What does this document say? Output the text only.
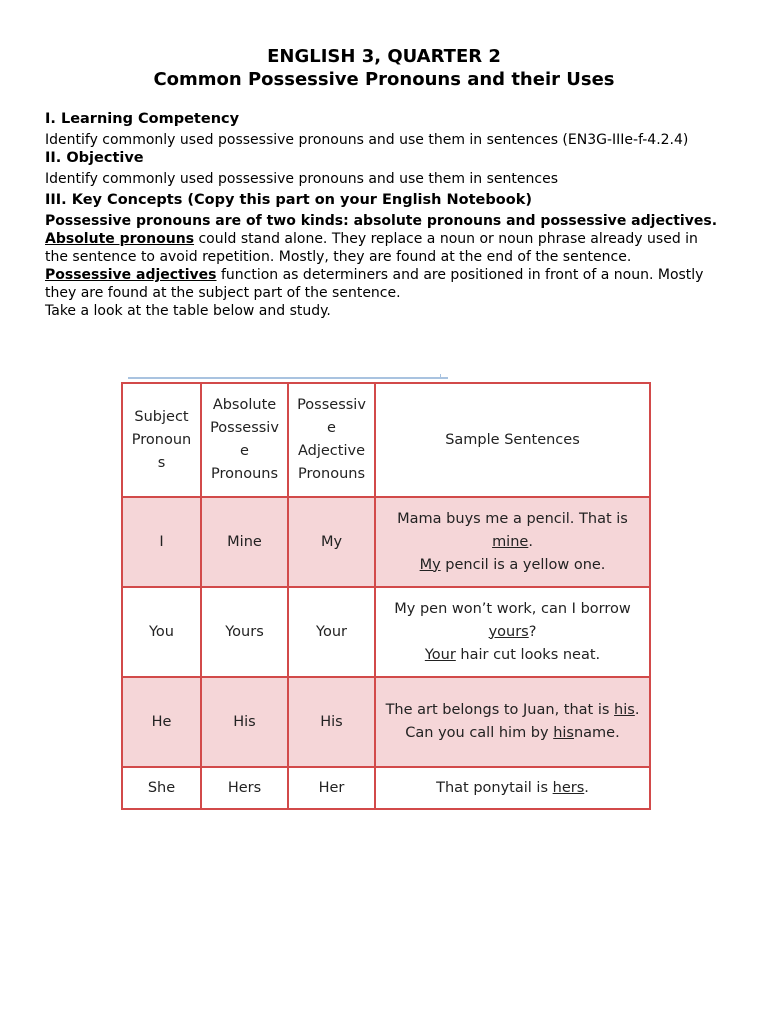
ENGLISH 3, QUARTER 2
Common Possessive Pronouns and their Uses

I. Learning Competency

Identify commonly used possessive pronouns and use them in sentences (EN3G-IIIe-f-4.2.4)

II. Objective

Identify commonly used possessive pronouns and use them in sentences

III. Key Concepts (Copy this part on your English Notebook)

Possessive pronouns are of two kinds: absolute pronouns and possessive adjectives.

Absolute pronouns could stand alone. They replace a noun or noun phrase already used in the sentence to avoid repetition. Mostly, they are found at the end of the sentence.

Possessive adjectives function as determiners and are positioned in front of a noun. Mostly they are found at the subject part of the sentence.

Take a look at the table below and study.

Subject Pronoun s	Absolute Possessiv e Pronouns	Possessiv e Adjective Pronouns	Sample Sentences
I	Mine	My	Mama buys me a pencil. That is mine.
My pencil is a yellow one.

You	Yours	Your	My pen won’t work, can I borrow yours?
Your hair cut looks neat.

He	His	His	The art belongs to Juan, that is his.
Can you call him by hisname.

She	Hers	Her	That ponytail is hers.
